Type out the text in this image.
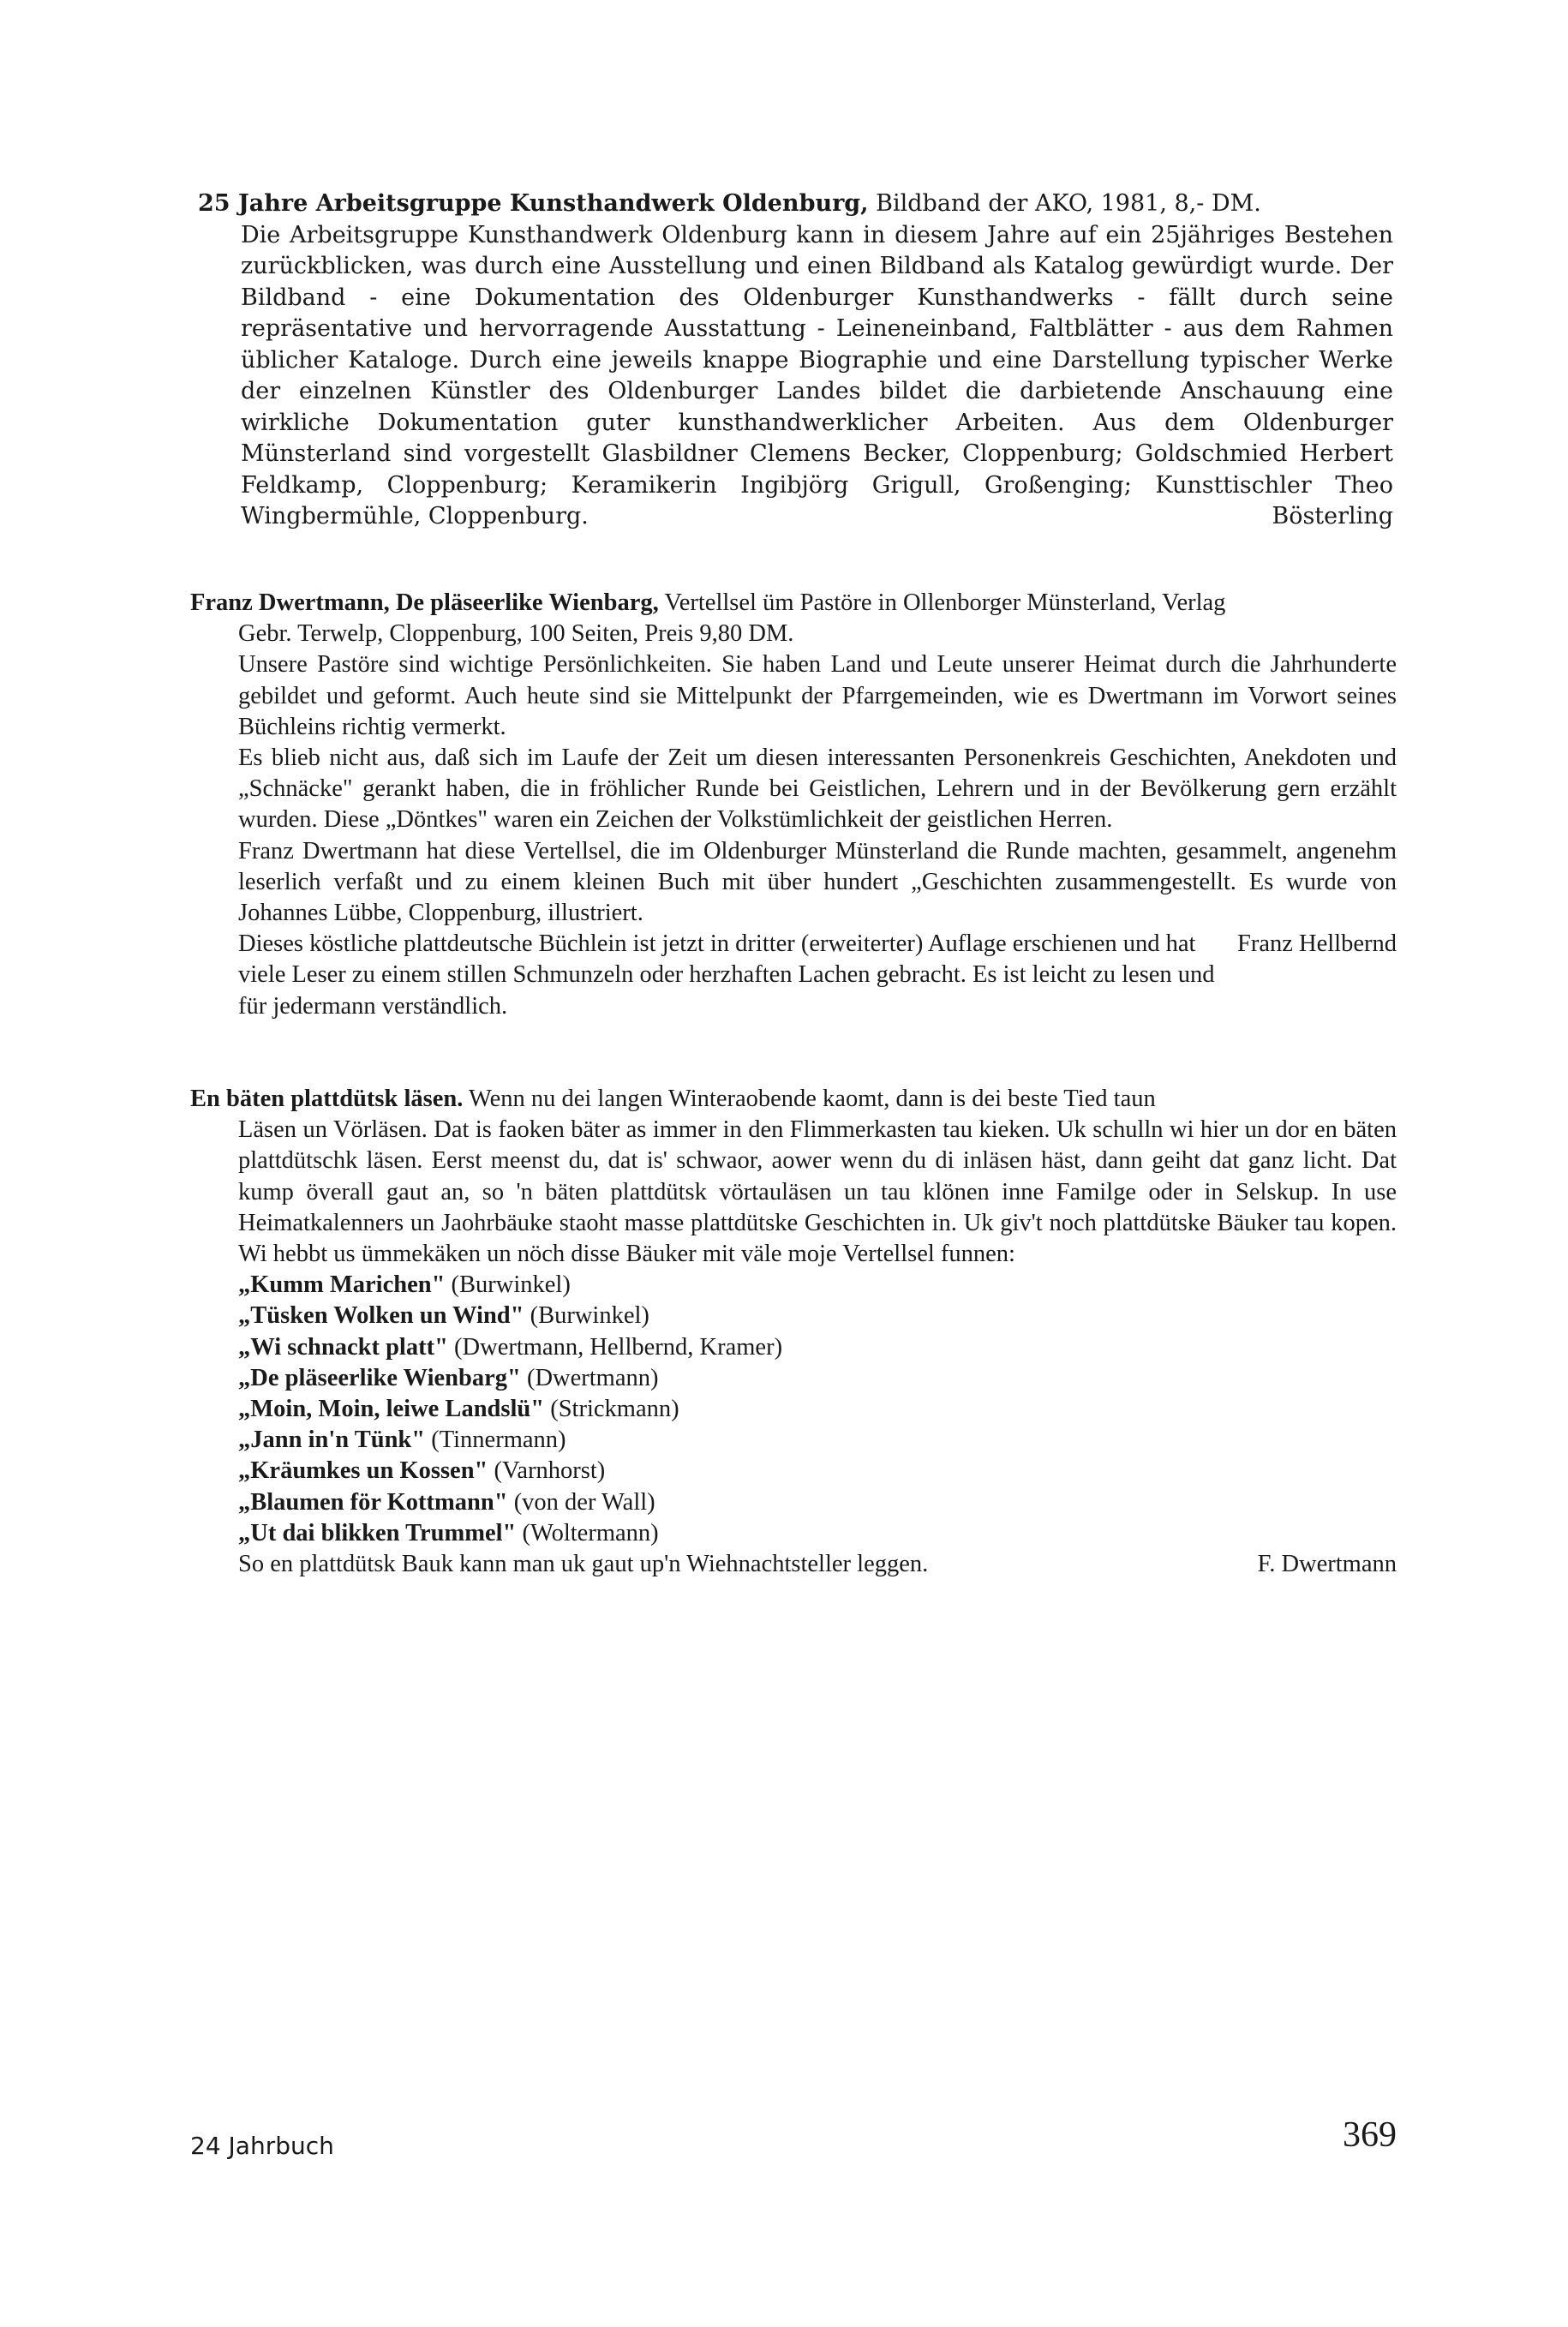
25 Jahre Arbeitsgruppe Kunsthandwerk Oldenburg, Bildband der AKO, 1981, 8,- DM.

Die Arbeitsgruppe Kunsthandwerk Oldenburg kann in diesem Jahre auf ein 25jähriges Bestehen zurückblicken, was durch eine Ausstellung und einen Bildband als Katalog gewürdigt wurde. Der Bildband - eine Dokumentation des Oldenburger Kunsthandwerks - fällt durch seine repräsentative und hervorragende Ausstattung - Leineneinband, Faltblätter - aus dem Rahmen üblicher Kataloge. Durch eine jeweils knappe Biographie und eine Darstellung typischer Werke der einzelnen Künstler des Oldenburger Landes bildet die darbietende Anschauung eine wirkliche Dokumentation guter kunsthandwerklicher Arbeiten. Aus dem Oldenburger Münsterland sind vorgestellt Glasbildner Clemens Becker, Cloppenburg; Goldschmied Herbert Feldkamp, Cloppenburg; Keramikerin Ingibjörg Grigull, Großenging; Kunsttischler Theo Wingbermühle, Cloppenburg.	Bösterling

Franz Dwertmann, De pläseerlike Wienbarg, Vertellsel üm Pastöre in Ollenborger Münsterland, Verlag

Gebr. Terwelp, Cloppenburg, 100 Seiten, Preis 9,80 DM.

Unsere Pastöre sind wichtige Persönlichkeiten. Sie haben Land und Leute unserer Heimat durch die Jahrhunderte gebildet und geformt. Auch heute sind sie Mittelpunkt der Pfarrgemeinden, wie es Dwertmann im Vorwort seines Büchleins richtig vermerkt.

Es blieb nicht aus, daß sich im Laufe der Zeit um diesen interessanten Personenkreis Geschichten, Anekdoten und „Schnäcke" gerankt haben, die in fröhlicher Runde bei Geistlichen, Lehrern und in der Bevölkerung gern erzählt wurden. Diese „Döntkes" waren ein Zeichen der Volkstümlichkeit der geistlichen Herren.

Franz Dwertmann hat diese Vertellsel, die im Oldenburger Münsterland die Runde machten, gesammelt, angenehm leserlich verfaßt und zu einem kleinen Buch mit über hundert „Geschichten zusammengestellt. Es wurde von Johannes Lübbe, Cloppenburg, illustriert.

Dieses köstliche plattdeutsche Büchlein ist jetzt in dritter (erweiterter) Auflage erschienen und hat viele Leser zu einem stillen Schmunzeln oder herzhaften Lachen gebracht. Es ist leicht zu lesen und für jedermann verständlich.
Franz Hellbernd

En bäten plattdütsk läsen. Wenn nu dei langen Winteraobende kaomt, dann is dei beste Tied taun

Läsen un Vörläsen. Dat is faoken bäter as immer in den Flimmerkasten tau kieken. Uk schulln wi hier un dor en bäten plattdütschk läsen. Eerst meenst du, dat is' schwaor, aower wenn du di inläsen häst, dann geiht dat ganz licht. Dat kump överall gaut an, so 'n bäten plattdütsk vörtauläsen un tau klönen inne Familge oder in Selskup. In use Heimatkalenners un Jaohrbäuke staoht masse plattdütske Geschichten in. Uk giv't noch plattdütske Bäuker tau kopen. Wi hebbt us ümmekäken un nöch disse Bäuker mit väle moje Vertellsel funnen:

„Kumm Marichen" (Burwinkel)
„Tüsken Wolken un Wind" (Burwinkel)
„Wi schnackt platt" (Dwertmann, Hellbernd, Kramer)
„De pläseerlike Wienbarg" (Dwertmann)
„Moin, Moin, leiwe Landslü" (Strickmann)
„Jann in'n Tünk" (Tinnermann)
„Kräumkes un Kossen" (Varnhorst)
„Blaumen för Kottmann" (von der Wall)
„Ut dai blikken Trummel" (Woltermann)
So en plattdütsk Bauk kann man uk gaut up'n Wiehnachtsteller leggen.	F. Dwertmann

24 Jahrbuch	369
